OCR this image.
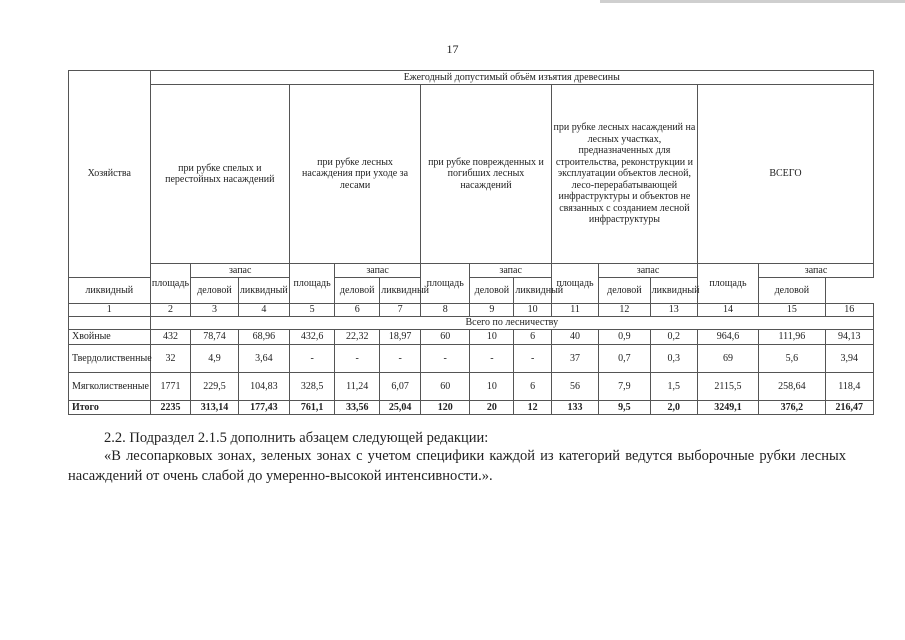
17
Хозяйства	Ежегодный допустимый объём изъятия древесины														
	при рубке спелых и перестойных насаждений			при рубке лесных насаждения при уходе за лесами			при рубке поврежденных и погибших лесных насаждений			при рубке лесных насаждений на лесных участках, предназначенных для строительства, реконструкции и эксплуатации объектов лесной, лесо-перерабатывающей инфраструктуры и объектов не связанных с созданием лесной инфраструктуры			ВСЕГО		
	площадь	запас		площадь	запас		площадь	запас		площадь	запас		площадь	запас	
ликвидный		деловой	ликвидный		деловой	ликвидный		деловой	ликвидный		деловой	ликвидный		деловой	
1	2	3	4	5	6	7	8	9	10	11	12	13	14	15	16
	Всего по лесничеству														
Хвойные	432	78,74	68,96	432,6	22,32	18,97	60	10	6	40	0,9	0,2	964,6	111,96	94,13
Твердолиственные	32	4,9	3,64	-	-	-	-	-	-	37	0,7	0,3	69	5,6	3,94
Мягколиственные	1771	229,5	104,83	328,5	11,24	6,07	60	10	6	56	7,9	1,5	2115,5	258,64	118,4
Итого	2235	313,14	177,43	761,1	33,56	25,04	120	20	12	133	9,5	2,0	3249,1	376,2	216,47
2.2. Подраздел 2.1.5 дополнить абзацем следующей редакции:
«В лесопарковых зонах, зеленых зонах с учетом специфики каждой из категорий ведутся выборочные рубки лесных насаждений от очень слабой до умеренно-высокой интенсивности.».
